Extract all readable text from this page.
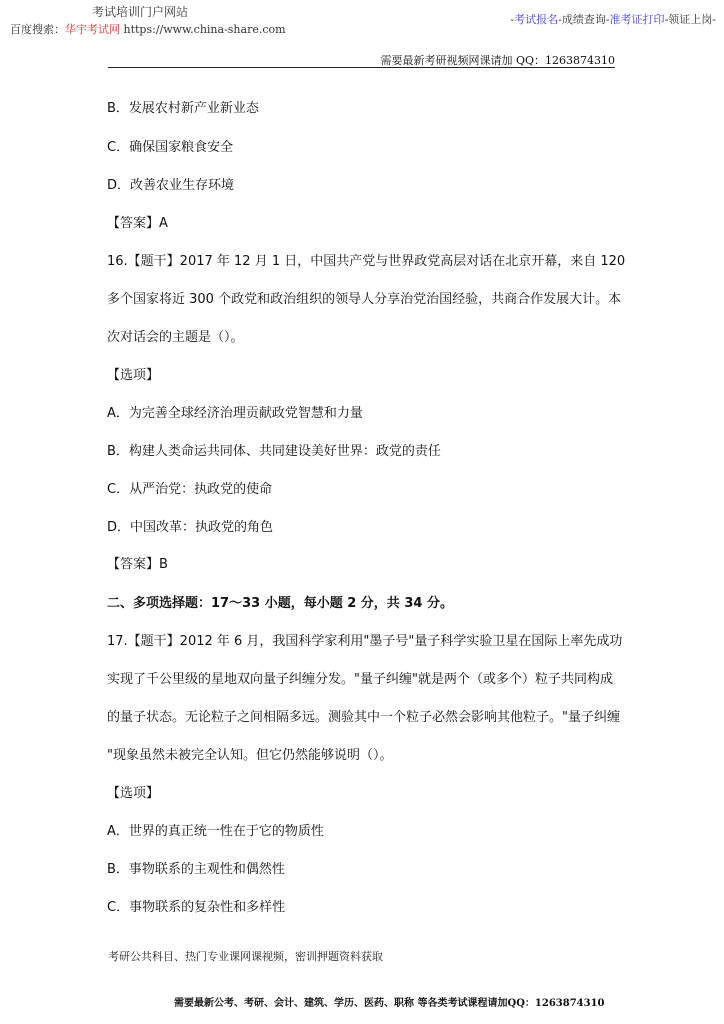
考试培训门户网站
百度搜索：华宇考试网 https://www.china-share.com
-考试报名-成绩查询-准考证打印-领证上岗-
需要最新考研视频网课请加 QQ：1263874310
B．发展农村新产业新业态
C．确保国家粮食安全
D．改善农业生存环境
【答案】A
16.【题干】2017 年 12 月 1 日，中国共产党与世界政党高层对话在北京开幕，来自 120
多个国家将近 300 个政党和政治组织的领导人分享治党治国经验，共商合作发展大计。本
次对话会的主题是（）。
【选项】
A．为完善全球经济治理贡献政党智慧和力量
B．构建人类命运共同体、共同建设美好世界：政党的责任
C．从严治党：执政党的使命
D．中国改革：执政党的角色
【答案】B
二、多项选择题：17～33 小题，每小题 2 分，共 34 分。
17.【题干】2012 年 6 月，我国科学家利用"墨子号"量子科学实验卫星在国际上率先成功
实现了千公里级的星地双向量子纠缠分发。"量子纠缠"就是两个（或多个）粒子共同构成
的量子状态。无论粒子之间相隔多远。测验其中一个粒子必然会影响其他粒子。"量子纠缠
"现象虽然未被完全认知。但它仍然能够说明（）。
【选项】
A．世界的真正统一性在于它的物质性
B．事物联系的主观性和偶然性
C．事物联系的复杂性和多样性
考研公共科目、热门专业课网课视频，密训押题资料获取
需要最新公考、考研、会计、建筑、学历、医药、职称 等各类考试课程请加QQ：1263874310
